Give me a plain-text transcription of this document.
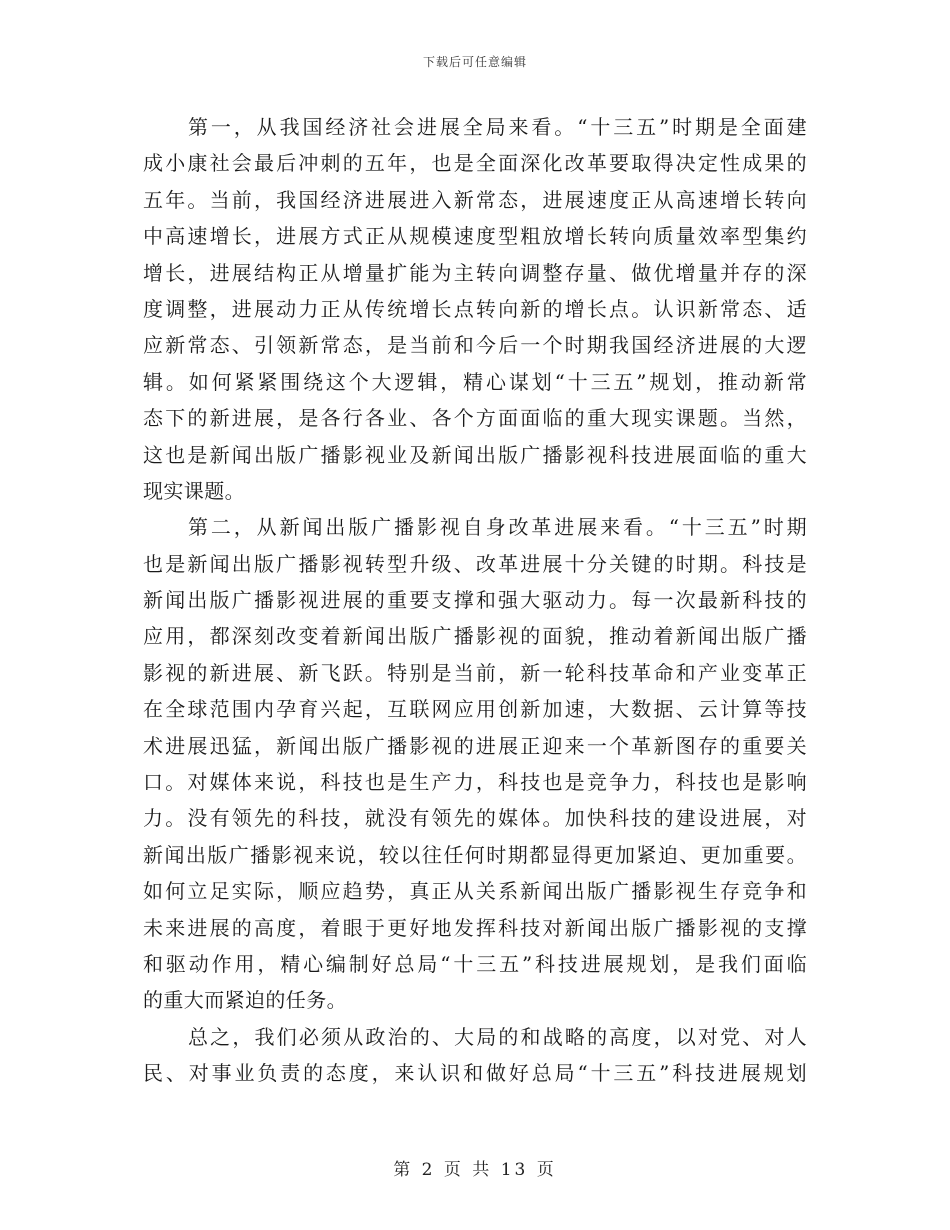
下载后可任意编辑
第一，从我国经济社会进展全局来看。“十三五”时期是全面建
成小康社会最后冲刺的五年，也是全面深化改革要取得决定性成果的
五年。当前，我国经济进展进入新常态，进展速度正从高速增长转向
中高速增长，进展方式正从规模速度型粗放增长转向质量效率型集约
增长，进展结构正从增量扩能为主转向调整存量、做优增量并存的深
度调整，进展动力正从传统增长点转向新的增长点。认识新常态、适
应新常态、引领新常态，是当前和今后一个时期我国经济进展的大逻
辑。如何紧紧围绕这个大逻辑，精心谋划“十三五”规划，推动新常
态下的新进展，是各行各业、各个方面面临的重大现实课题。当然，
这也是新闻出版广播影视业及新闻出版广播影视科技进展面临的重大
现实课题。
第二，从新闻出版广播影视自身改革进展来看。“十三五”时期
也是新闻出版广播影视转型升级、改革进展十分关键的时期。科技是
新闻出版广播影视进展的重要支撑和强大驱动力。每一次最新科技的
应用，都深刻改变着新闻出版广播影视的面貌，推动着新闻出版广播
影视的新进展、新飞跃。特别是当前，新一轮科技革命和产业变革正
在全球范围内孕育兴起，互联网应用创新加速，大数据、云计算等技
术进展迅猛，新闻出版广播影视的进展正迎来一个革新图存的重要关
口。对媒体来说，科技也是生产力，科技也是竞争力，科技也是影响
力。没有领先的科技，就没有领先的媒体。加快科技的建设进展，对
新闻出版广播影视来说，较以往任何时期都显得更加紧迫、更加重要。
如何立足实际，顺应趋势，真正从关系新闻出版广播影视生存竞争和
未来进展的高度，着眼于更好地发挥科技对新闻出版广播影视的支撑
和驱动作用，精心编制好总局“十三五”科技进展规划，是我们面临
的重大而紧迫的任务。
总之，我们必须从政治的、大局的和战略的高度，以对党、对人
民、对事业负责的态度，来认识和做好总局“十三五”科技进展规划
第 2 页 共 13 页
